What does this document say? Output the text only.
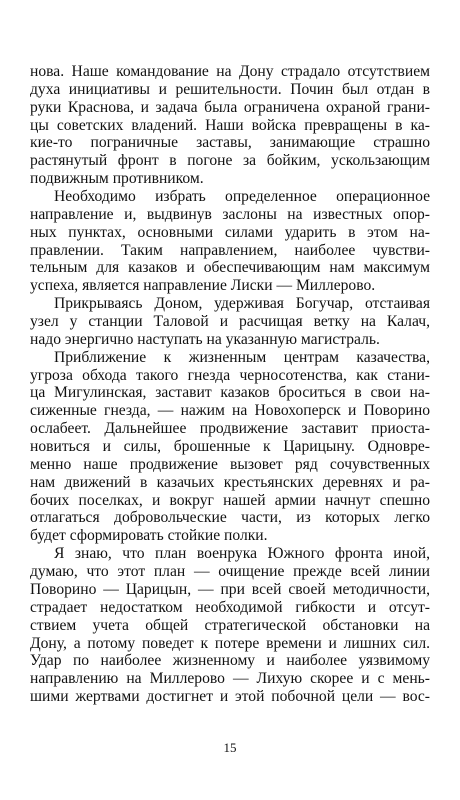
нова. Наше командование на Дону страдало отсутствием
духа инициативы и решительности. Почин был отдан в
руки Краснова, и задача была ограничена охраной грани-
цы советских владений. Наши войска превращены в ка-
кие-то пограничные заставы, занимающие страшно
растянутый фронт в погоне за бойким, ускользающим
подвижным противником.
Необходимо избрать определенное операционное
направление и, выдвинув заслоны на известных опор-
ных пунктах, основными силами ударить в этом на-
правлении. Таким направлением, наиболее чувстви-
тельным для казаков и обеспечивающим нам максимум
успеха, является направление Лиски — Миллерово.
Прикрываясь Доном, удерживая Богучар, отстаивая
узел у станции Таловой и расчищая ветку на Калач,
надо энергично наступать на указанную магистраль.
Приближение к жизненным центрам казачества,
угроза обхода такого гнезда черносотенства, как стани-
ца Мигулинская, заставит казаков броситься в свои на-
сиженные гнезда, — нажим на Новохоперск и Поворино
ослабеет. Дальнейшее продвижение заставит приоста-
новиться и силы, брошенные к Царицыну. Одновре-
менно наше продвижение вызовет ряд сочувственных
нам движений в казачьих крестьянских деревнях и ра-
бочих поселках, и вокруг нашей армии начнут спешно
отлагаться добровольческие части, из которых легко
будет сформировать стойкие полки.
Я знаю, что план военрука Южного фронта иной,
думаю, что этот план — очищение прежде всей линии
Поворино — Царицын, — при всей своей методичности,
страдает недостатком необходимой гибкости и отсут-
ствием учета общей стратегической обстановки на
Дону, а потому поведет к потере времени и лишних сил.
Удар по наиболее жизненному и наиболее уязвимому
направлению на Миллерово — Лихую скорее и с мень-
шими жертвами достигнет и этой побочной цели — вос-
15
